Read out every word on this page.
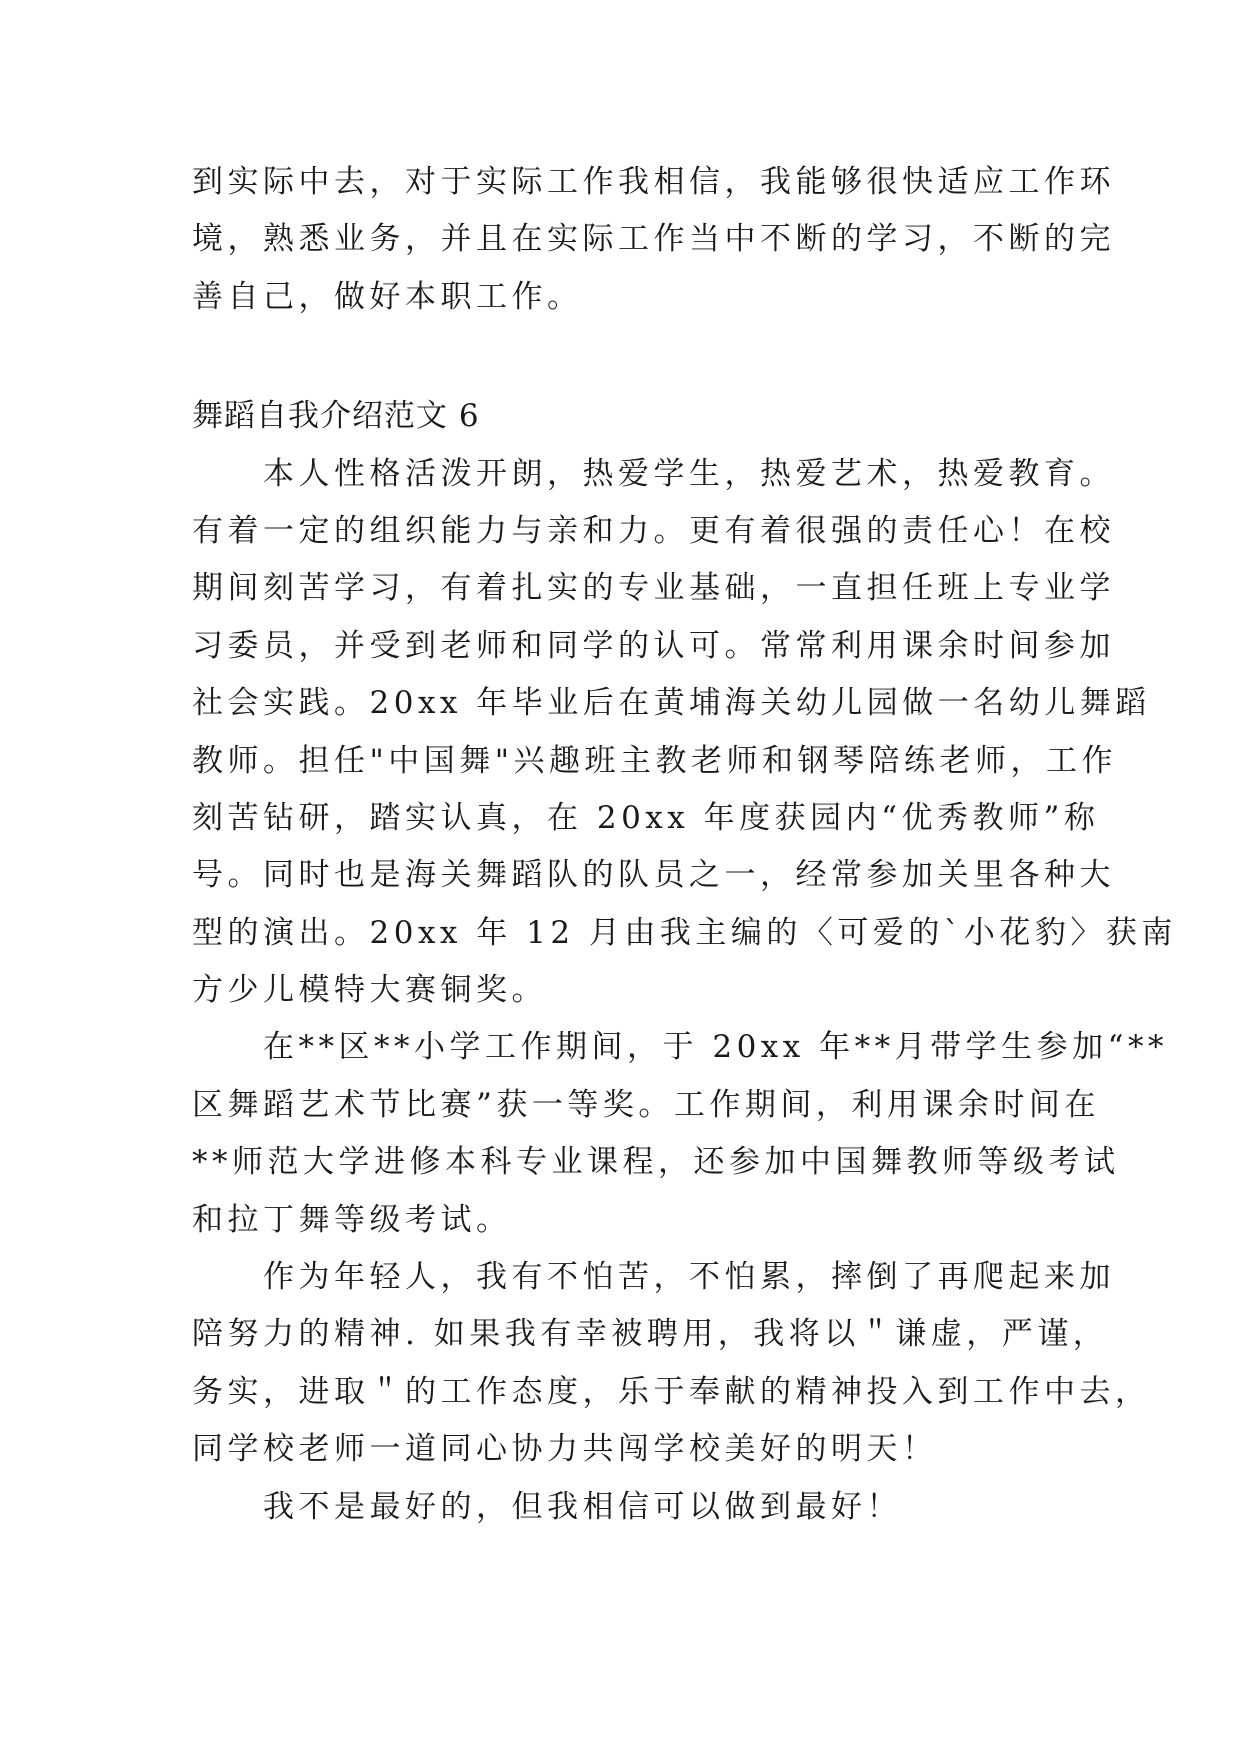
到实际中去，对于实际工作我相信，我能够很快适应工作环
境，熟悉业务，并且在实际工作当中不断的学习，不断的完
善自己，做好本职工作。
舞蹈自我介绍范文 6
　　本人性格活泼开朗，热爱学生，热爱艺术，热爱教育。
有着一定的组织能力与亲和力。更有着很强的责任心！在校
期间刻苦学习，有着扎实的专业基础，一直担任班上专业学
习委员，并受到老师和同学的认可。常常利用课余时间参加
社会实践。20xx 年毕业后在黄埔海关幼儿园做一名幼儿舞蹈
教师。担任"中国舞"兴趣班主教老师和钢琴陪练老师，工作
刻苦钻研，踏实认真，在 20xx 年度获园内“优秀教师”称
号。同时也是海关舞蹈队的队员之一，经常参加关里各种大
型的演出。20xx 年 12 月由我主编的〈可爱的`小花豹〉获南
方少儿模特大赛铜奖。
　　在**区**小学工作期间，于 20xx 年**月带学生参加“**
区舞蹈艺术节比赛”获一等奖。工作期间，利用课余时间在
**师范大学进修本科专业课程，还参加中国舞教师等级考试
和拉丁舞等级考试。
　　作为年轻人，我有不怕苦，不怕累，摔倒了再爬起来加
陪努力的精神. 如果我有幸被聘用，我将以＂谦虚，严谨，
务实，进取＂的工作态度，乐于奉献的精神投入到工作中去，
同学校老师一道同心协力共闯学校美好的明天！
　　我不是最好的，但我相信可以做到最好！
